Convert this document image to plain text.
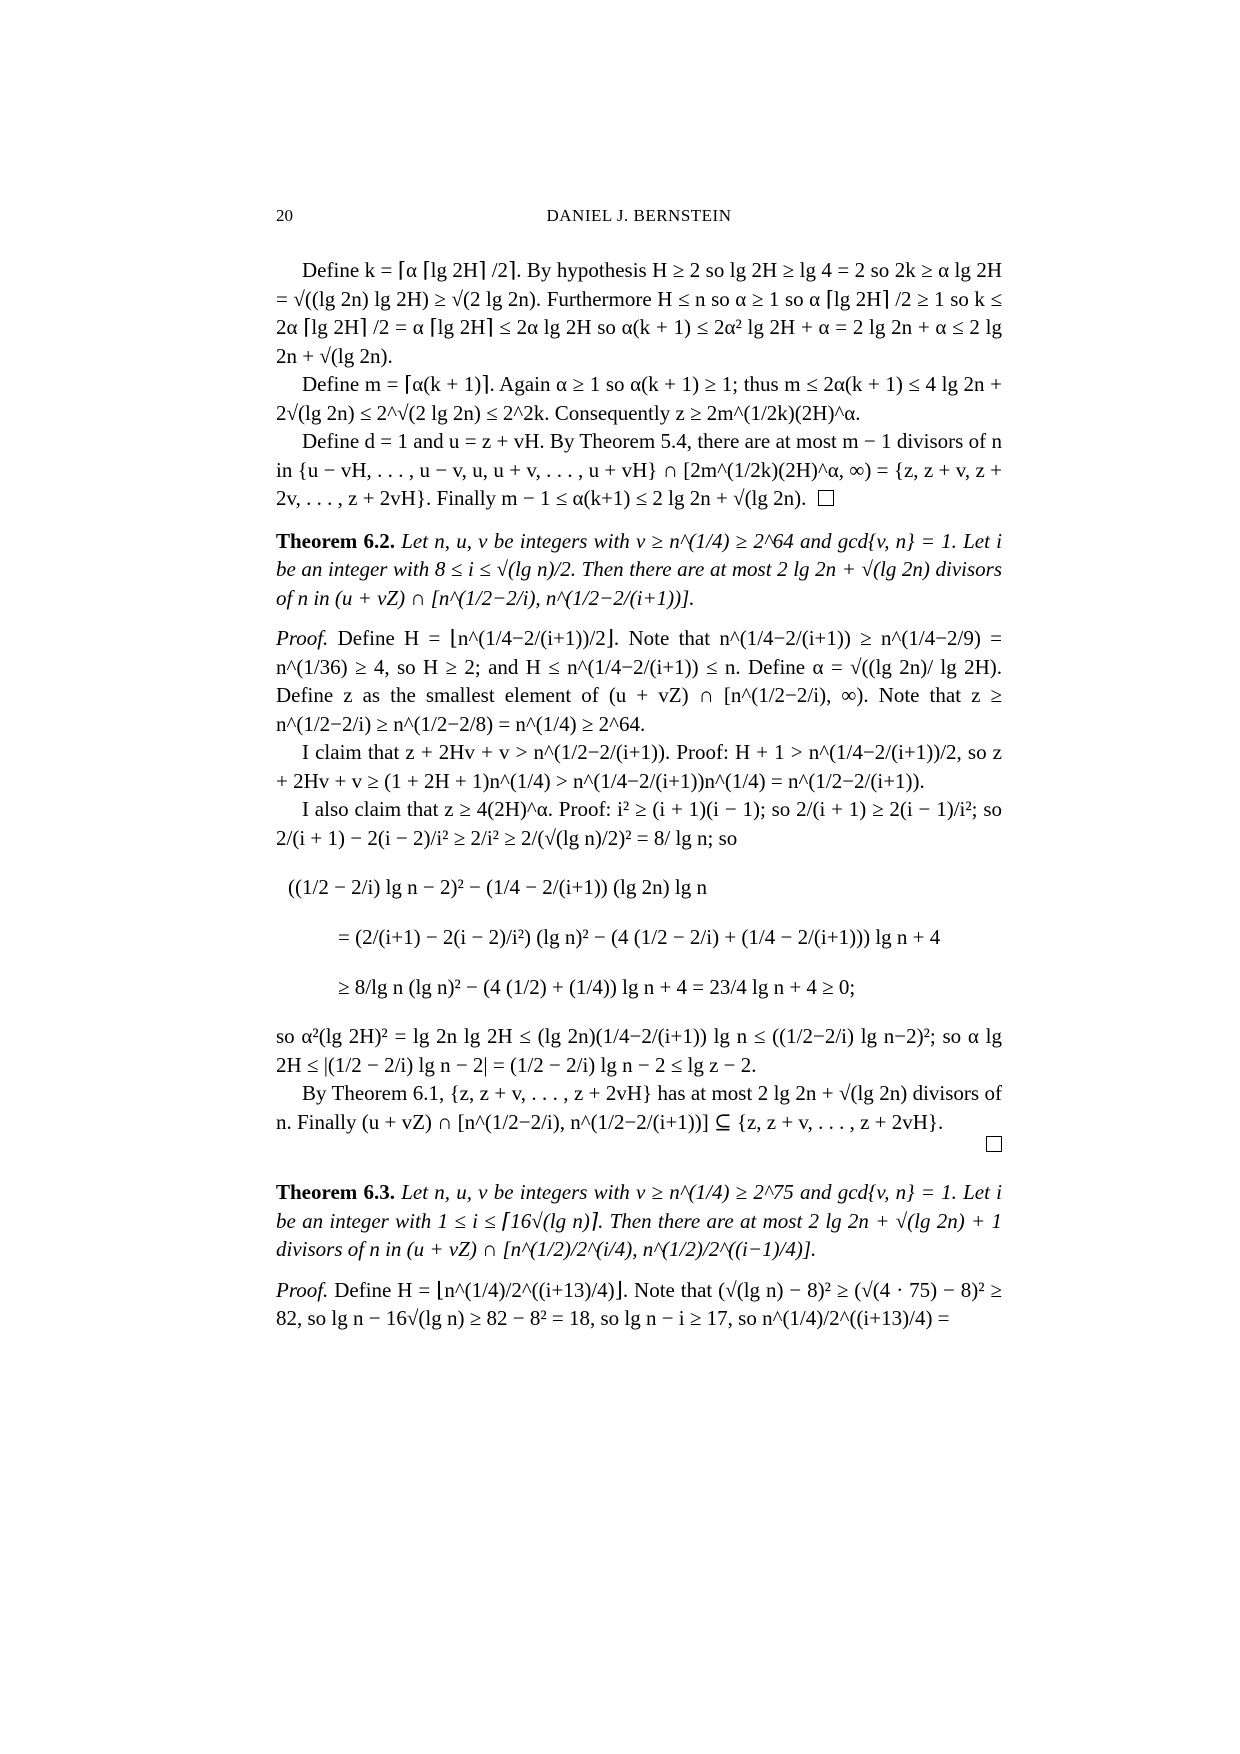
20	DANIEL J. BERNSTEIN

Define k = ⌈α ⌈lg 2H⌉ /2⌉. By hypothesis H ≥ 2 so lg 2H ≥ lg 4 = 2 so 2k ≥ α lg 2H = √((lg 2n) lg 2H) ≥ √(2 lg 2n). Furthermore H ≤ n so α ≥ 1 so α ⌈lg 2H⌉ /2 ≥ 1 so k ≤ 2α ⌈lg 2H⌉ /2 = α ⌈lg 2H⌉ ≤ 2α lg 2H so α(k + 1) ≤ 2α² lg 2H + α = 2 lg 2n + α ≤ 2 lg 2n + √(lg 2n).

Define m = ⌈α(k + 1)⌉. Again α ≥ 1 so α(k + 1) ≥ 1; thus m ≤ 2α(k + 1) ≤ 4 lg 2n + 2√(lg 2n) ≤ 2^√(2 lg 2n) ≤ 2^2k. Consequently z ≥ 2m^(1/2k)(2H)^α.

Define d = 1 and u = z + vH. By Theorem 5.4, there are at most m − 1 divisors of n in {u − vH, . . . , u − v, u, u + v, . . . , u + vH} ∩ [2m^(1/2k)(2H)^α, ∞) = {z, z + v, z + 2v, . . . , z + 2vH}. Finally m − 1 ≤ α(k+1) ≤ 2 lg 2n + √(lg 2n).

Theorem 6.2. Let n, u, v be integers with v ≥ n^(1/4) ≥ 2^64 and gcd{v, n} = 1. Let i be an integer with 8 ≤ i ≤ √(lg n)/2. Then there are at most 2 lg 2n + √(lg 2n) divisors of n in (u + vZ) ∩ [n^(1/2−2/i), n^(1/2−2/(i+1))].

Proof. Define H = ⌊n^(1/4−2/(i+1))/2⌋. Note that n^(1/4−2/(i+1)) ≥ n^(1/4−2/9) = n^(1/36) ≥ 4, so H ≥ 2; and H ≤ n^(1/4−2/(i+1)) ≤ n. Define α = √((lg 2n)/ lg 2H). Define z as the smallest element of (u + vZ) ∩ [n^(1/2−2/i), ∞). Note that z ≥ n^(1/2−2/i) ≥ n^(1/2−2/8) = n^(1/4) ≥ 2^64.

I claim that z + 2Hv + v > n^(1/2−2/(i+1)). Proof: H + 1 > n^(1/4−2/(i+1))/2, so z + 2Hv + v ≥ (1 + 2H + 1)n^(1/4) > n^(1/4−2/(i+1))n^(1/4) = n^(1/2−2/(i+1)).

I also claim that z ≥ 4(2H)^α. Proof: i² ≥ (i + 1)(i − 1); so 2/(i + 1) ≥ 2(i − 1)/i²; so 2/(i + 1) − 2(i − 2)/i² ≥ 2/i² ≥ 2/(√(lg n)/2)² = 8/ lg n; so

((1/2 − 2/i) lg n − 2)² − (1/4 − 2/(i+1)) (lg 2n) lg n
= (2/(i+1) − 2(i − 2)/i²) (lg n)² − (4 (1/2 − 2/i) + (1/4 − 2/(i+1))) lg n + 4
≥ 8/lg n (lg n)² − (4 (1/2) + (1/4)) lg n + 4 = 23/4 lg n + 4 ≥ 0;

so α²(lg 2H)² = lg 2n lg 2H ≤ (lg 2n)(1/4−2/(i+1)) lg n ≤ ((1/2−2/i) lg n−2)²; so α lg 2H ≤ |(1/2 − 2/i) lg n − 2| = (1/2 − 2/i) lg n − 2 ≤ lg z − 2.

By Theorem 6.1, {z, z + v, . . . , z + 2vH} has at most 2 lg 2n + √(lg 2n) divisors of n. Finally (u + vZ) ∩ [n^(1/2−2/i), n^(1/2−2/(i+1))] ⊆ {z, z + v, . . . , z + 2vH}.

Theorem 6.3. Let n, u, v be integers with v ≥ n^(1/4) ≥ 2^75 and gcd{v, n} = 1. Let i be an integer with 1 ≤ i ≤ ⌈16√(lg n)⌉. Then there are at most 2 lg 2n + √(lg 2n) + 1 divisors of n in (u + vZ) ∩ [n^(1/2)/2^(i/4), n^(1/2)/2^((i−1)/4)].

Proof. Define H = ⌊n^(1/4)/2^((i+13)/4)⌋. Note that (√(lg n) − 8)² ≥ (√(4 · 75) − 8)² ≥ 82, so lg n − 16√(lg n) ≥ 82 − 8² = 18, so lg n − i ≥ 17, so n^(1/4)/2^((i+13)/4) =
